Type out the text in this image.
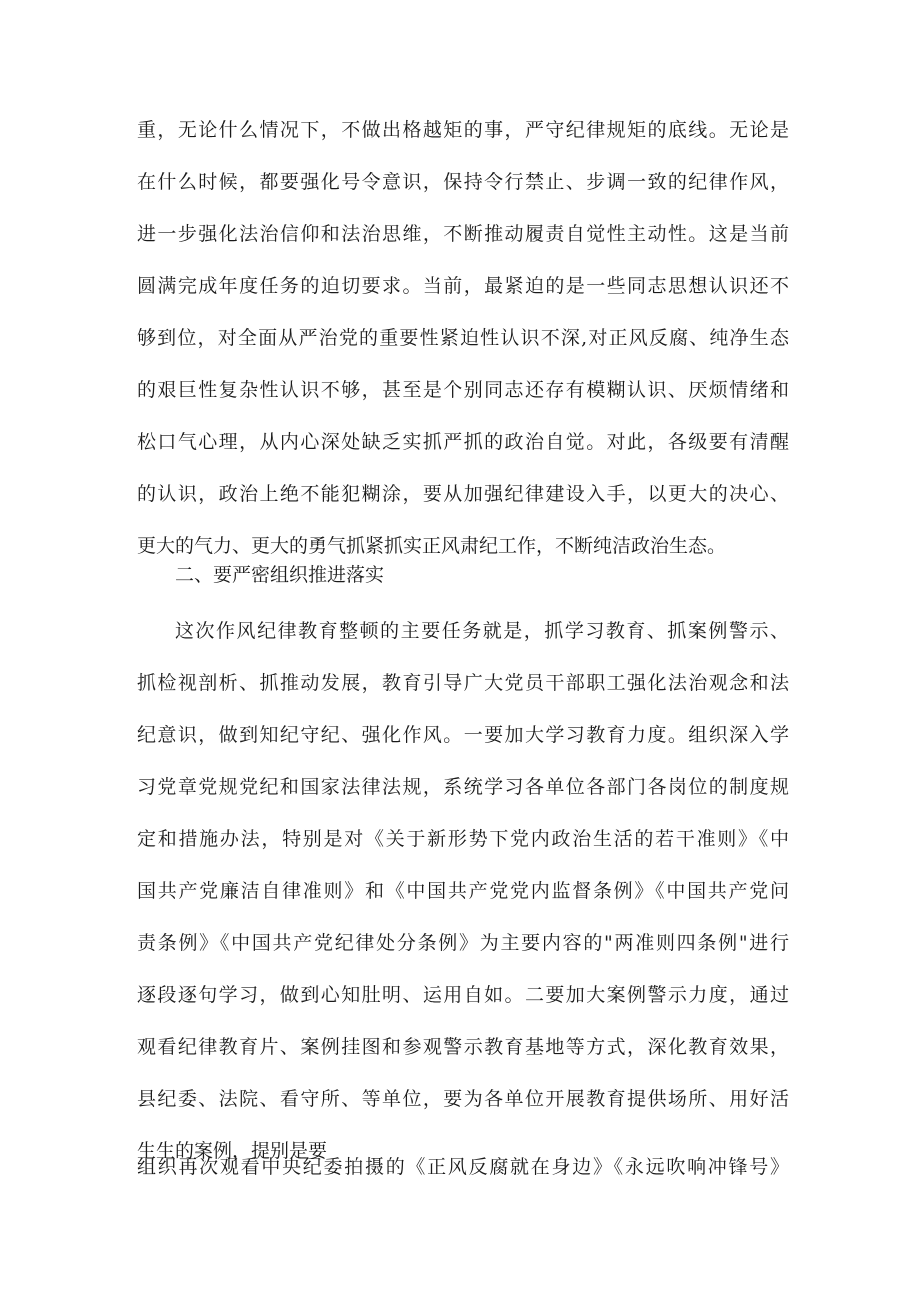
重，无论什么情况下，不做出格越矩的事，严守纪律规矩的底线。无论是
在什么时候，都要强化号令意识，保持令行禁止、步调一致的纪律作风，
进一步强化法治信仰和法治思维，不断推动履责自觉性主动性。这是当前
圆满完成年度任务的迫切要求。当前，最紧迫的是一些同志思想认识还不
够到位，对全面从严治党的重要性紧迫性认识不深,对正风反腐、纯净生态
的艰巨性复杂性认识不够，甚至是个别同志还存有模糊认识、厌烦情绪和
松口气心理，从内心深处缺乏实抓严抓的政治自觉。对此，各级要有清醒
的认识，政治上绝不能犯糊涂，要从加强纪律建设入手，以更大的决心、
更大的气力、更大的勇气抓紧抓实正风肃纪工作，不断纯洁政治生态。
二、要严密组织推进落实
这次作风纪律教育整顿的主要任务就是，抓学习教育、抓案例警示、
抓检视剖析、抓推动发展，教育引导广大党员干部职工强化法治观念和法
纪意识，做到知纪守纪、强化作风。一要加大学习教育力度。组织深入学
习党章党规党纪和国家法律法规，系统学习各单位各部门各岗位的制度规
定和措施办法，特别是对《关于新形势下党内政治生活的若干准则》《中
国共产党廉洁自律准则》和《中国共产党党内监督条例》《中国共产党问
责条例》《中国共产党纪律处分条例》为主要内容的"两准则四条例"进行
逐段逐句学习，做到心知肚明、运用自如。二要加大案例警示力度，通过
观看纪律教育片、案例挂图和参观警示教育基地等方式，深化教育效果，
县纪委、法院、看守所、等单位，要为各单位开展教育提供场所、用好活
生生的案例，提别是要
组织再次观看中央纪委拍摄的《正风反腐就在身边》《永远吹响冲锋号》
